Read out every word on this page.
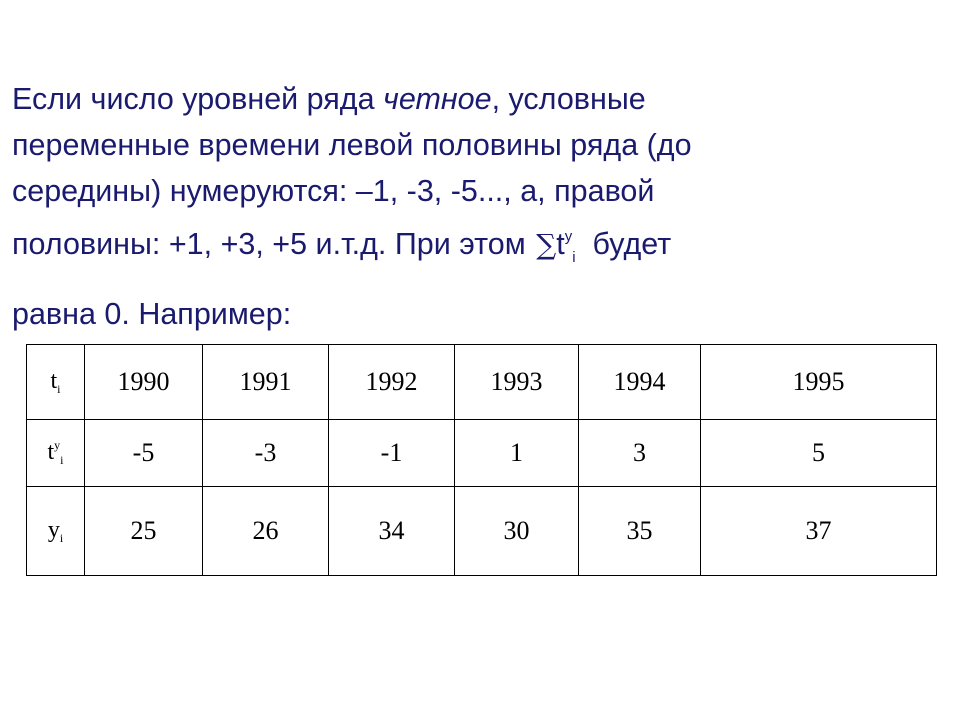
Если число уровней ряда четное, условные
переменные времени левой половины ряда (до
середины) нумеруются: –1, -3, -5..., а, правой
половины: +1, +3, +5 и.т.д. При этом $\sum t^y_i$  будет
равна 0. Например:
$t_i$	1990	1991	1992	1993	1994	1995
$t^y_i$	-5	-3	-1	1	3	5
$y_i$	25	26	34	30	35	37
